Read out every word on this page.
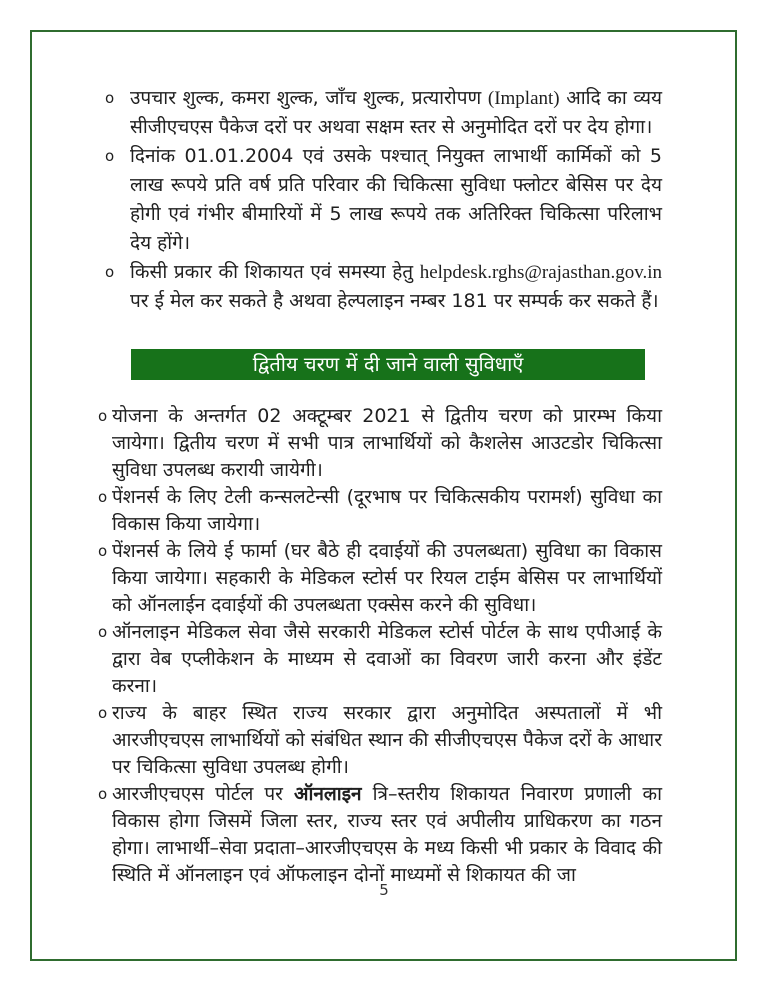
o उपचार शुल्क, कमरा शुल्क, जाँच शुल्क, प्रत्यारोपण (Implant) आदि का व्यय सीजीएचएस पैकेज दरों पर अथवा सक्षम स्तर से अनुमोदित दरों पर देय होगा।
o दिनांक 01.01.2004 एवं उसके पश्चात् नियुक्त लाभार्थी कार्मिकों को 5 लाख रूपये प्रति वर्ष प्रति परिवार की चिकित्सा सुविधा फ्लोटर बेसिस पर देय होगी एवं गंभीर बीमारियों में 5 लाख रूपये तक अतिरिक्त चिकित्सा परिलाभ देय होंगे।
o किसी प्रकार की शिकायत एवं समस्या हेतु helpdesk.rghs@rajasthan.gov.in पर ई मेल कर सकते है अथवा हेल्पलाइन नम्बर 181 पर सम्पर्क कर सकते हैं।
द्वितीय चरण में दी जाने वाली सुविधाएँ
o योजना के अन्तर्गत 02 अक्टूम्बर 2021 से द्वितीय चरण को प्रारम्भ किया जायेगा। द्वितीय चरण में सभी पात्र लाभार्थियों को कैशलेस आउटडोर चिकित्सा सुविधा उपलब्ध करायी जायेगी।
o पेंशनर्स के लिए टेली कन्सलटेन्सी (दूरभाष पर चिकित्सकीय परामर्श) सुविधा का विकास किया जायेगा।
o पेंशनर्स के लिये ई फार्मा (घर बैठे ही दवाईयों की उपलब्धता) सुविधा का विकास किया जायेगा। सहकारी के मेडिकल स्टोर्स पर रियल टाईम बेसिस पर लाभार्थियों को ऑनलाईन दवाईयों की उपलब्धता एक्सेस करने की सुविधा।
o ऑनलाइन मेडिकल सेवा जैसे सरकारी मेडिकल स्टोर्स पोर्टल के साथ एपीआई के द्वारा वेब एप्लीकेशन के माध्यम से दवाओं का विवरण जारी करना और इंडेंट करना।
o राज्य के बाहर स्थित राज्य सरकार द्वारा अनुमोदित अस्पतालों में भी आरजीएचएस लाभार्थियों को संबंधित स्थान की सीजीएचएस पैकेज दरों के आधार पर चिकित्सा सुविधा उपलब्ध होगी।
o आरजीएचएस पोर्टल पर ऑनलाइन त्रि–स्तरीय शिकायत निवारण प्रणाली का विकास होगा जिसमें जिला स्तर, राज्य स्तर एवं अपीलीय प्राधिकरण का गठन होगा। लाभार्थी–सेवा प्रदाता–आरजीएचएस के मध्य किसी भी प्रकार के विवाद की स्थिति में ऑनलाइन एवं ऑफलाइन दोनों माध्यमों से शिकायत की जा
5
